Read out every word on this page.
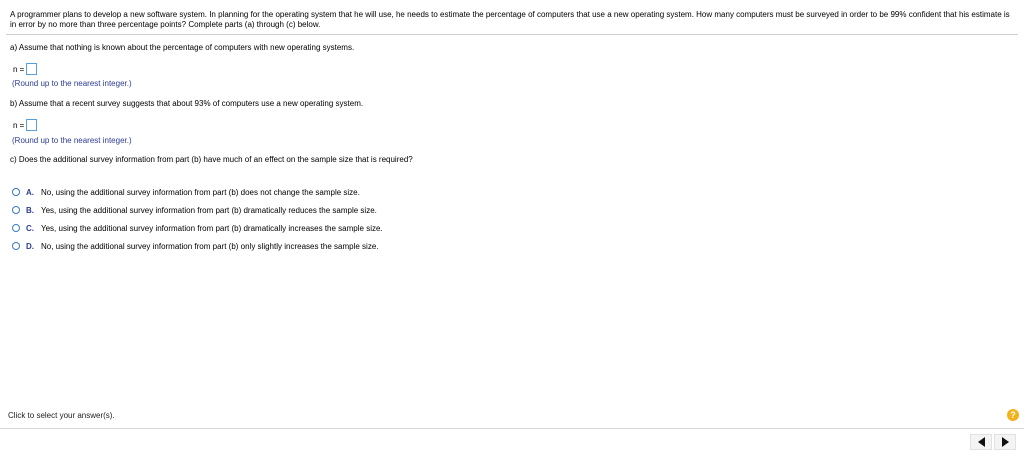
A programmer plans to develop a new software system. In planning for the operating system that he will use, he needs to estimate the percentage of computers that use a new operating system. How many computers must be surveyed in order to be 99% confident that his estimate is in error by no more than three percentage points? Complete parts (a) through (c) below.
a) Assume that nothing is known about the percentage of computers with new operating systems.
n =
(Round up to the nearest integer.)
b) Assume that a recent survey suggests that about 93% of computers use a new operating system.
n =
(Round up to the nearest integer.)
c) Does the additional survey information from part (b) have much of an effect on the sample size that is required?
A. No, using the additional survey information from part (b) does not change the sample size.
B. Yes, using the additional survey information from part (b) dramatically reduces the sample size.
C. Yes, using the additional survey information from part (b) dramatically increases the sample size.
D. No, using the additional survey information from part (b) only slightly increases the sample size.
Click to select your answer(s).	?
